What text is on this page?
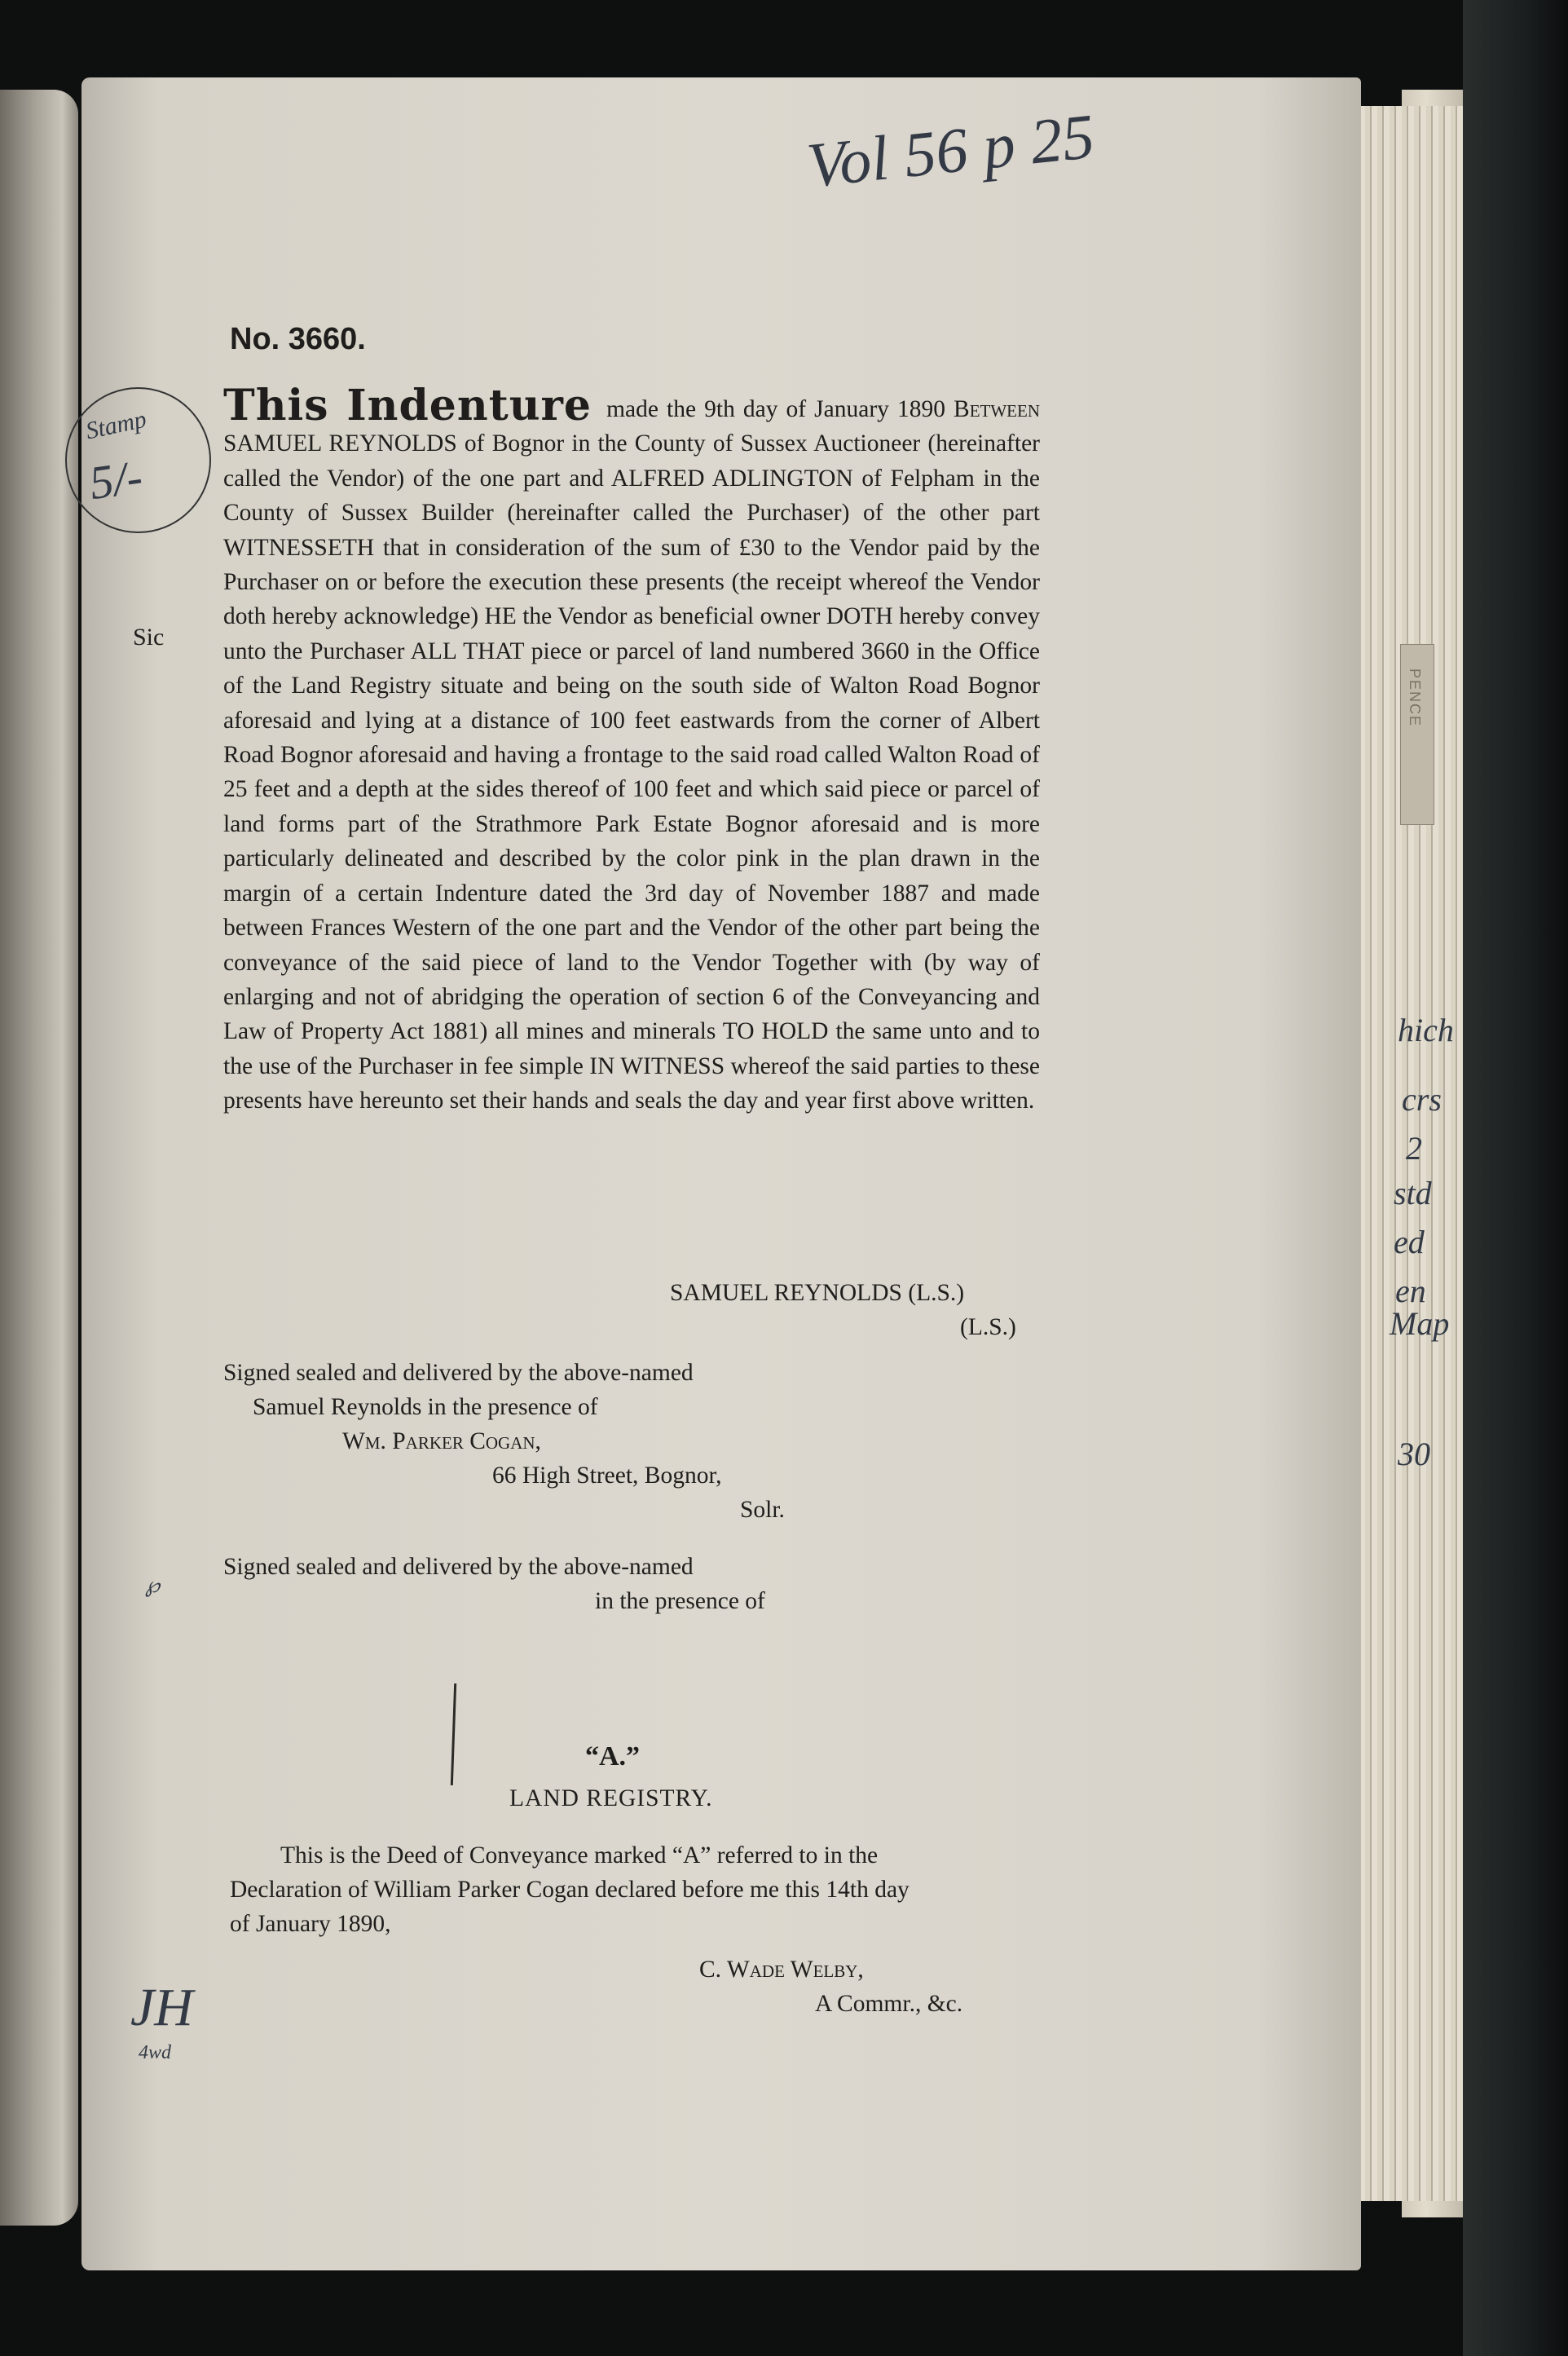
PENCE
Vol 56 p 25
No. 3660.
Stamp
5/-
Sic
This Indenture made the 9th day of January 1890 Between SAMUEL REYNOLDS of Bognor in the County of Sussex Auctioneer (hereinafter called the Vendor) of the one part and ALFRED ADLINGTON of Felpham in the County of Sussex Builder (hereinafter called the Purchaser) of the other part WITNESSETH that in consideration of the sum of £30 to the Vendor paid by the Purchaser on or before the execution these presents (the receipt whereof the Vendor doth hereby acknowledge) HE the Vendor as beneficial owner DOTH hereby convey unto the Purchaser ALL THAT piece or parcel of land numbered 3660 in the Office of the Land Registry situate and being on the south side of Walton Road Bognor aforesaid and lying at a distance of 100 feet eastwards from the corner of Albert Road Bognor aforesaid and having a frontage to the said road called Walton Road of 25 feet and a depth at the sides thereof of 100 feet and which said piece or parcel of land forms part of the Strathmore Park Estate Bognor aforesaid and is more particularly delineated and described by the color pink in the plan drawn in the margin of a certain Indenture dated the 3rd day of November 1887 and made between Frances Western of the one part and the Vendor of the other part being the conveyance of the said piece of land to the Vendor Together with (by way of enlarging and not of abridging the operation of section 6 of the Conveyancing and Law of Property Act 1881) all mines and minerals TO HOLD the same unto and to the use of the Purchaser in fee simple IN WITNESS whereof the said parties to these presents have hereunto set their hands and seals the day and year first above written.
SAMUEL REYNOLDS (L.S.)
(L.S.)
Signed sealed and delivered by the above-named
Samuel Reynolds in the presence of
Wm. Parker Cogan,
66 High Street, Bognor,
Solr.
Signed sealed and delivered by the above-named
in the presence of
℘
“A.”
LAND REGISTRY.
This is the Deed of Conveyance marked “A” referred to in the
Declaration of William Parker Cogan declared before me this 14th day
of January 1890,
C. Wade Welby,
A Commr., &c.
JH
4wd
hich
crs
2
std
ed
en
Map
30
